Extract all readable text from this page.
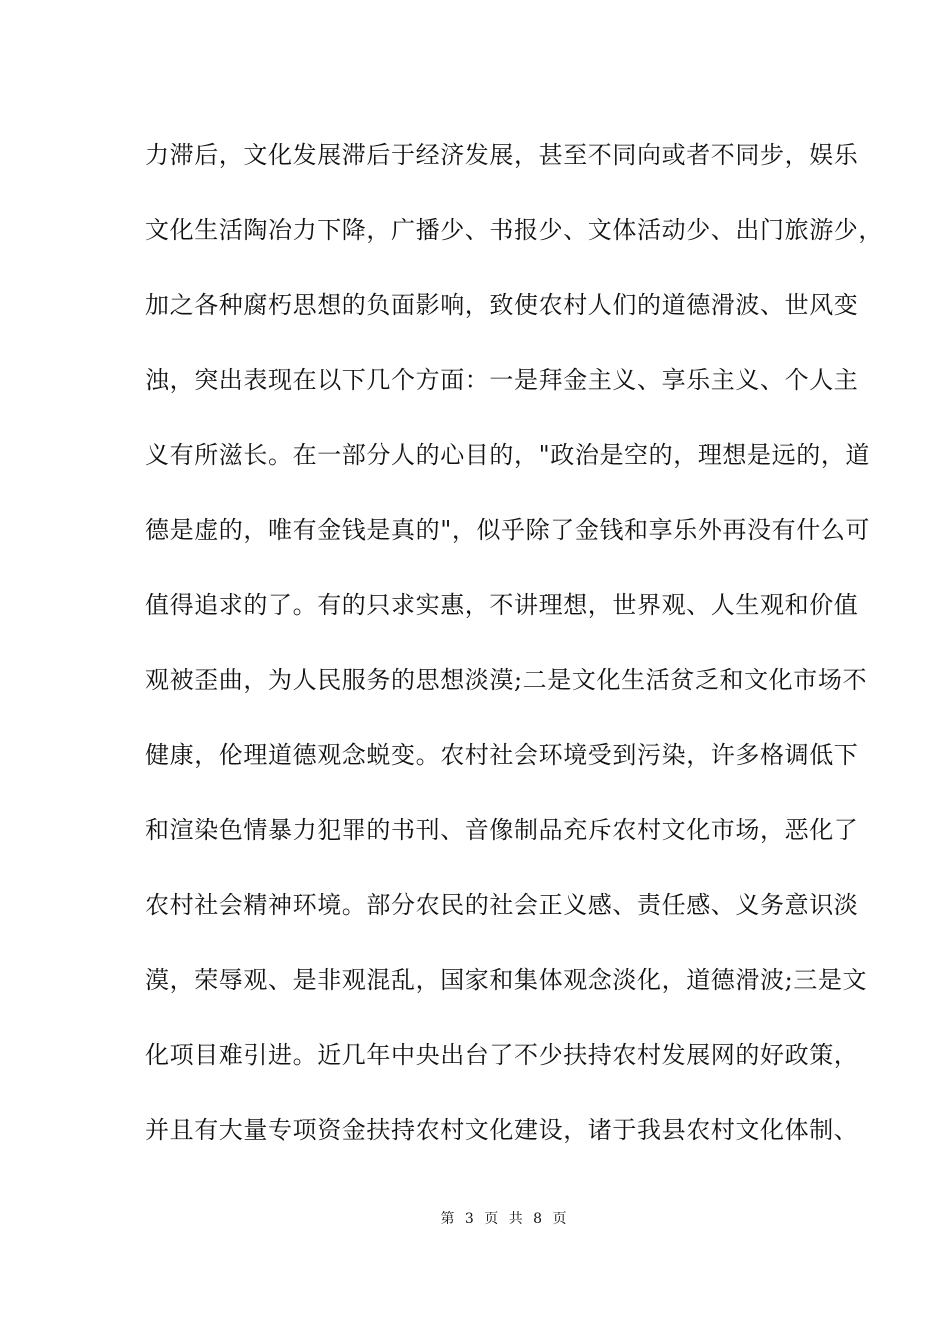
力滞后，文化发展滞后于经济发展，甚至不同向或者不同步，娱乐
文化生活陶冶力下降，广播少、书报少、文体活动少、出门旅游少，
加之各种腐朽思想的负面影响，致使农村人们的道德滑波、世风变
浊，突出表现在以下几个方面：一是拜金主义、享乐主义、个人主
义有所滋长。在一部分人的心目的，"政治是空的，理想是远的，道
德是虚的，唯有金钱是真的"，似乎除了金钱和享乐外再没有什么可
值得追求的了。有的只求实惠，不讲理想，世界观、人生观和价值
观被歪曲，为人民服务的思想淡漠;二是文化生活贫乏和文化市场不
健康，伦理道德观念蜕变。农村社会环境受到污染，许多格调低下
和渲染色情暴力犯罪的书刊、音像制品充斥农村文化市场，恶化了
农村社会精神环境。部分农民的社会正义感、责任感、义务意识淡
漠，荣辱观、是非观混乱，国家和集体观念淡化，道德滑波;三是文
化项目难引进。近几年中央出台了不少扶持农村发展网的好政策，
并且有大量专项资金扶持农村文化建设，诸于我县农村文化体制、
第 3 页 共 8 页
